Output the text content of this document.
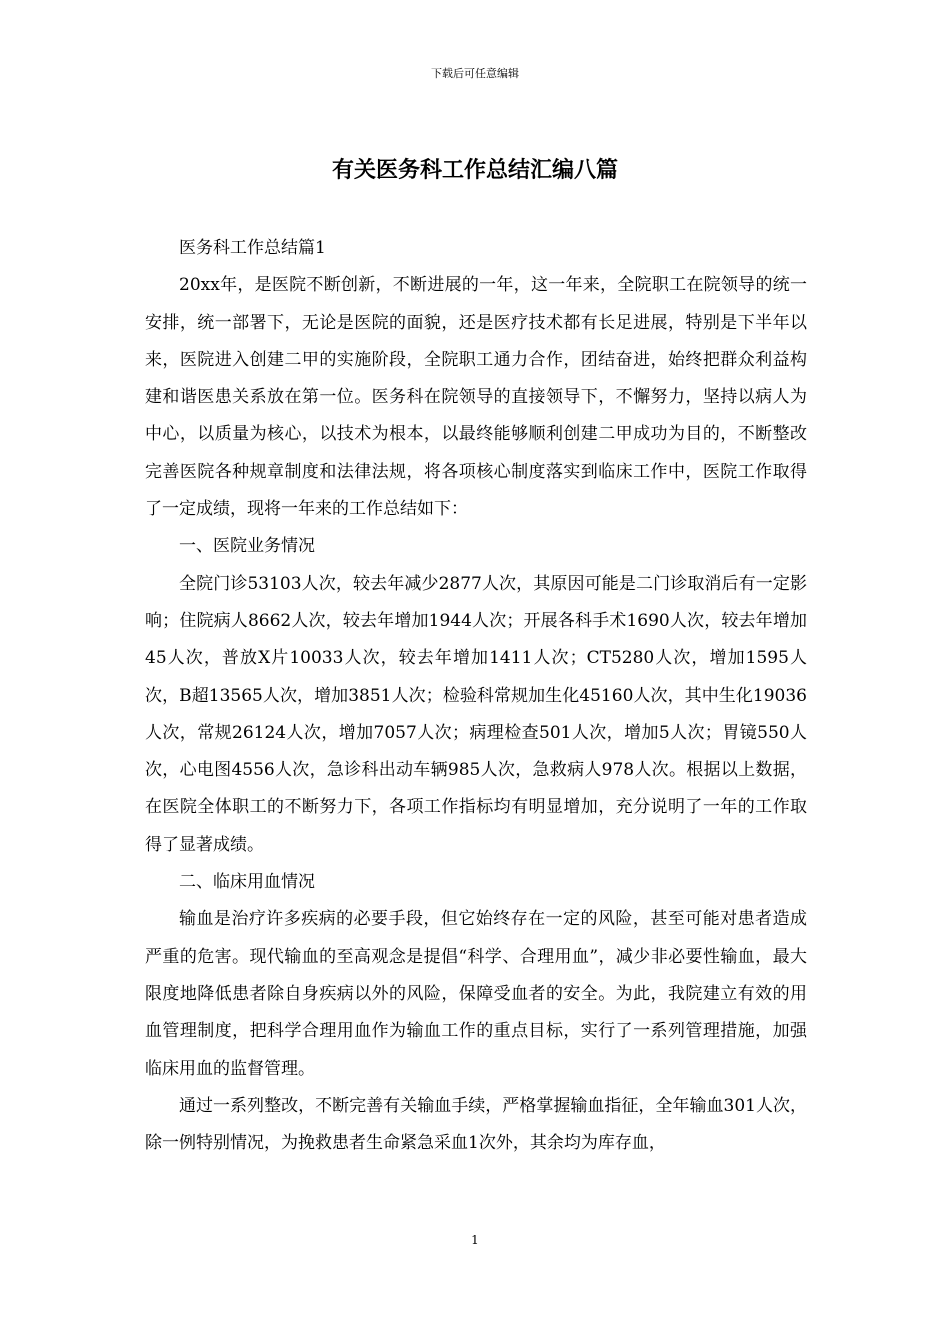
下载后可任意编辑
有关医务科工作总结汇编八篇

医务科工作总结篇1

20xx年，是医院不断创新，不断进展的一年，这一年来，全院职工在院领导的统一安排，统一部署下，无论是医院的面貌，还是医疗技术都有长足进展，特别是下半年以来，医院进入创建二甲的实施阶段，全院职工通力合作，团结奋进，始终把群众利益构建和谐医患关系放在第一位。医务科在院领导的直接领导下，不懈努力，坚持以病人为中心，以质量为核心，以技术为根本，以最终能够顺利创建二甲成功为目的，不断整改完善医院各种规章制度和法律法规，将各项核心制度落实到临床工作中，医院工作取得了一定成绩，现将一年来的工作总结如下：

一、医院业务情况

全院门诊53103人次，较去年减少2877人次，其原因可能是二门诊取消后有一定影响；住院病人8662人次，较去年增加1944人次；开展各科手术1690人次，较去年增加45人次，普放X片10033人次，较去年增加1411人次；CT5280人次，增加1595人次，B超13565人次，增加3851人次；检验科常规加生化45160人次，其中生化19036人次，常规26124人次，增加7057人次；病理检查501人次，增加5人次；胃镜550人次，心电图4556人次，急诊科出动车辆985人次，急救病人978人次。根据以上数据，在医院全体职工的不断努力下，各项工作指标均有明显增加，充分说明了一年的工作取得了显著成绩。

二、临床用血情况

输血是治疗许多疾病的必要手段，但它始终存在一定的风险，甚至可能对患者造成严重的危害。现代输血的至高观念是提倡“科学、合理用血”，减少非必要性输血，最大限度地降低患者除自身疾病以外的风险，保障受血者的安全。为此，我院建立有效的用血管理制度，把科学合理用血作为输血工作的重点目标，实行了一系列管理措施，加强临床用血的监督管理。

通过一系列整改，不断完善有关输血手续，严格掌握输血指征，全年输血301人次，除一例特别情况，为挽救患者生命紧急采血1次外，其余均为库存血，

1
